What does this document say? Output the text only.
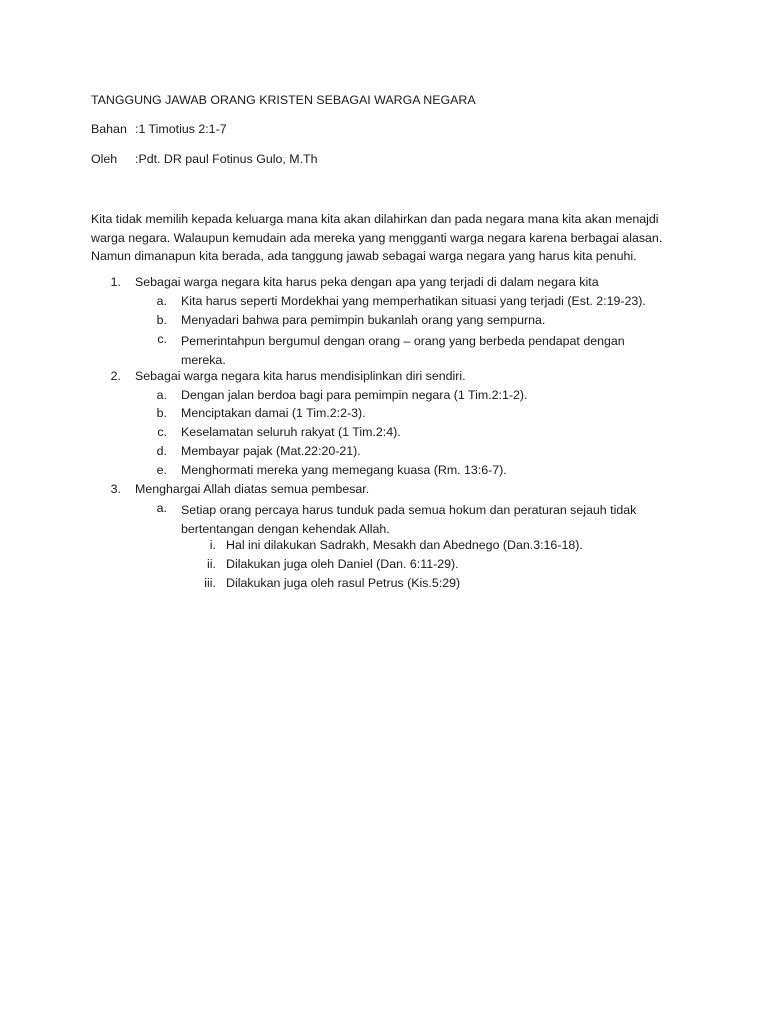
TANGGUNG JAWAB ORANG KRISTEN SEBAGAI WARGA NEGARA
Bahan :1 Timotius 2:1-7
Oleh :Pdt. DR paul Fotinus Gulo, M.Th
Kita tidak memilih kepada keluarga mana kita akan dilahirkan dan pada negara mana kita akan menajdi warga negara. Walaupun kemudain ada mereka yang mengganti warga negara karena berbagai alasan. Namun dimanapun kita berada, ada tanggung jawab sebagai warga negara yang harus kita penuhi.
1. Sebagai warga negara kita harus peka dengan apa yang terjadi di dalam negara kita
a. Kita harus seperti Mordekhai yang memperhatikan situasi yang terjadi (Est. 2:19-23).
b. Menyadari bahwa para pemimpin bukanlah orang yang sempurna.
c. Pemerintahpun bergumul dengan orang – orang yang berbeda pendapat dengan mereka.
2. Sebagai warga negara kita harus mendisiplinkan diri sendiri.
a. Dengan jalan berdoa bagi para pemimpin negara (1 Tim.2:1-2).
b. Menciptakan damai (1 Tim.2:2-3).
c. Keselamatan seluruh rakyat (1 Tim.2:4).
d. Membayar pajak (Mat.22:20-21).
e. Menghormati mereka yang memegang kuasa (Rm. 13:6-7).
3. Menghargai Allah diatas semua pembesar.
a. Setiap orang percaya harus tunduk pada semua hokum dan peraturan sejauh tidak bertentangan dengan kehendak Allah.
i. Hal ini dilakukan Sadrakh, Mesakh dan Abednego (Dan.3:16-18).
ii. Dilakukan juga oleh Daniel (Dan. 6:11-29).
iii. Dilakukan juga oleh rasul Petrus (Kis.5:29)
